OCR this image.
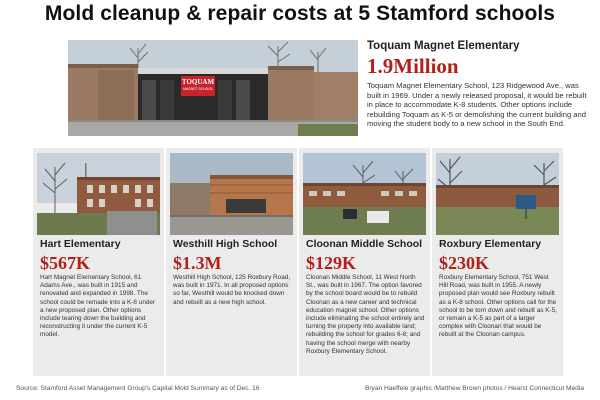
Mold cleanup & repair costs at 5 Stamford schools
TOQUAM
MAGNET SCHOOL
Toquam Magnet Elementary
1.9Million
Toquam Magnet Elementary School, 123 Ridgewood Ave., was built in 1969. Under a newly released proposal, it would be rebuilt in place to accommodate K-8 students. Other options include rebuilding Toquam as K-5 or demolishing the current building and moving the student body to a new school in the South End.
Hart Elementary
$567K
Hart Magnet Elementary School, 61 Adams Ave., was built in 1915 and renovated and expanded in 1998. The school could be remade into a K-8 under a new proposed plan. Other options include tearing down the building and reconstructing it under the current K-5 model.
Westhill High School
$1.3M
Westhill High School, 125 Roxbury Road, was built in 1971. In all proposed options so far, Westhill would be knocked down and rebuilt as a new high school.
Cloonan Middle School
$129K
Cloonan Middle School, 11 West North St., was built in 1967. The option favored by the school board would be to rebuild Cloonan as a new career and technical education magnet school. Other options include eliminating the school entirely and turning the property into available land; rebuilding the school for grades 6-8; and having the school merge with nearby Roxbury Elementary School.
Roxbury Elementary
$230K
Roxbury Elementary School, 751 West Hill Road, was built in 1955. A newly proposed plan would see Roxbury rebuilt as a K-8 school. Other options call for the school to be torn down and rebuilt as K-5, or remain a K-5 as part of a larger complex with Cloonan that would be rebuilt at the Cloonan campus.
Source: Stamford Asset Management Group's Capital Mold Summary as of Dec. 16	Bryan Haeffele graphic /Matthew Brown photos / Hearst Connecticut Media
